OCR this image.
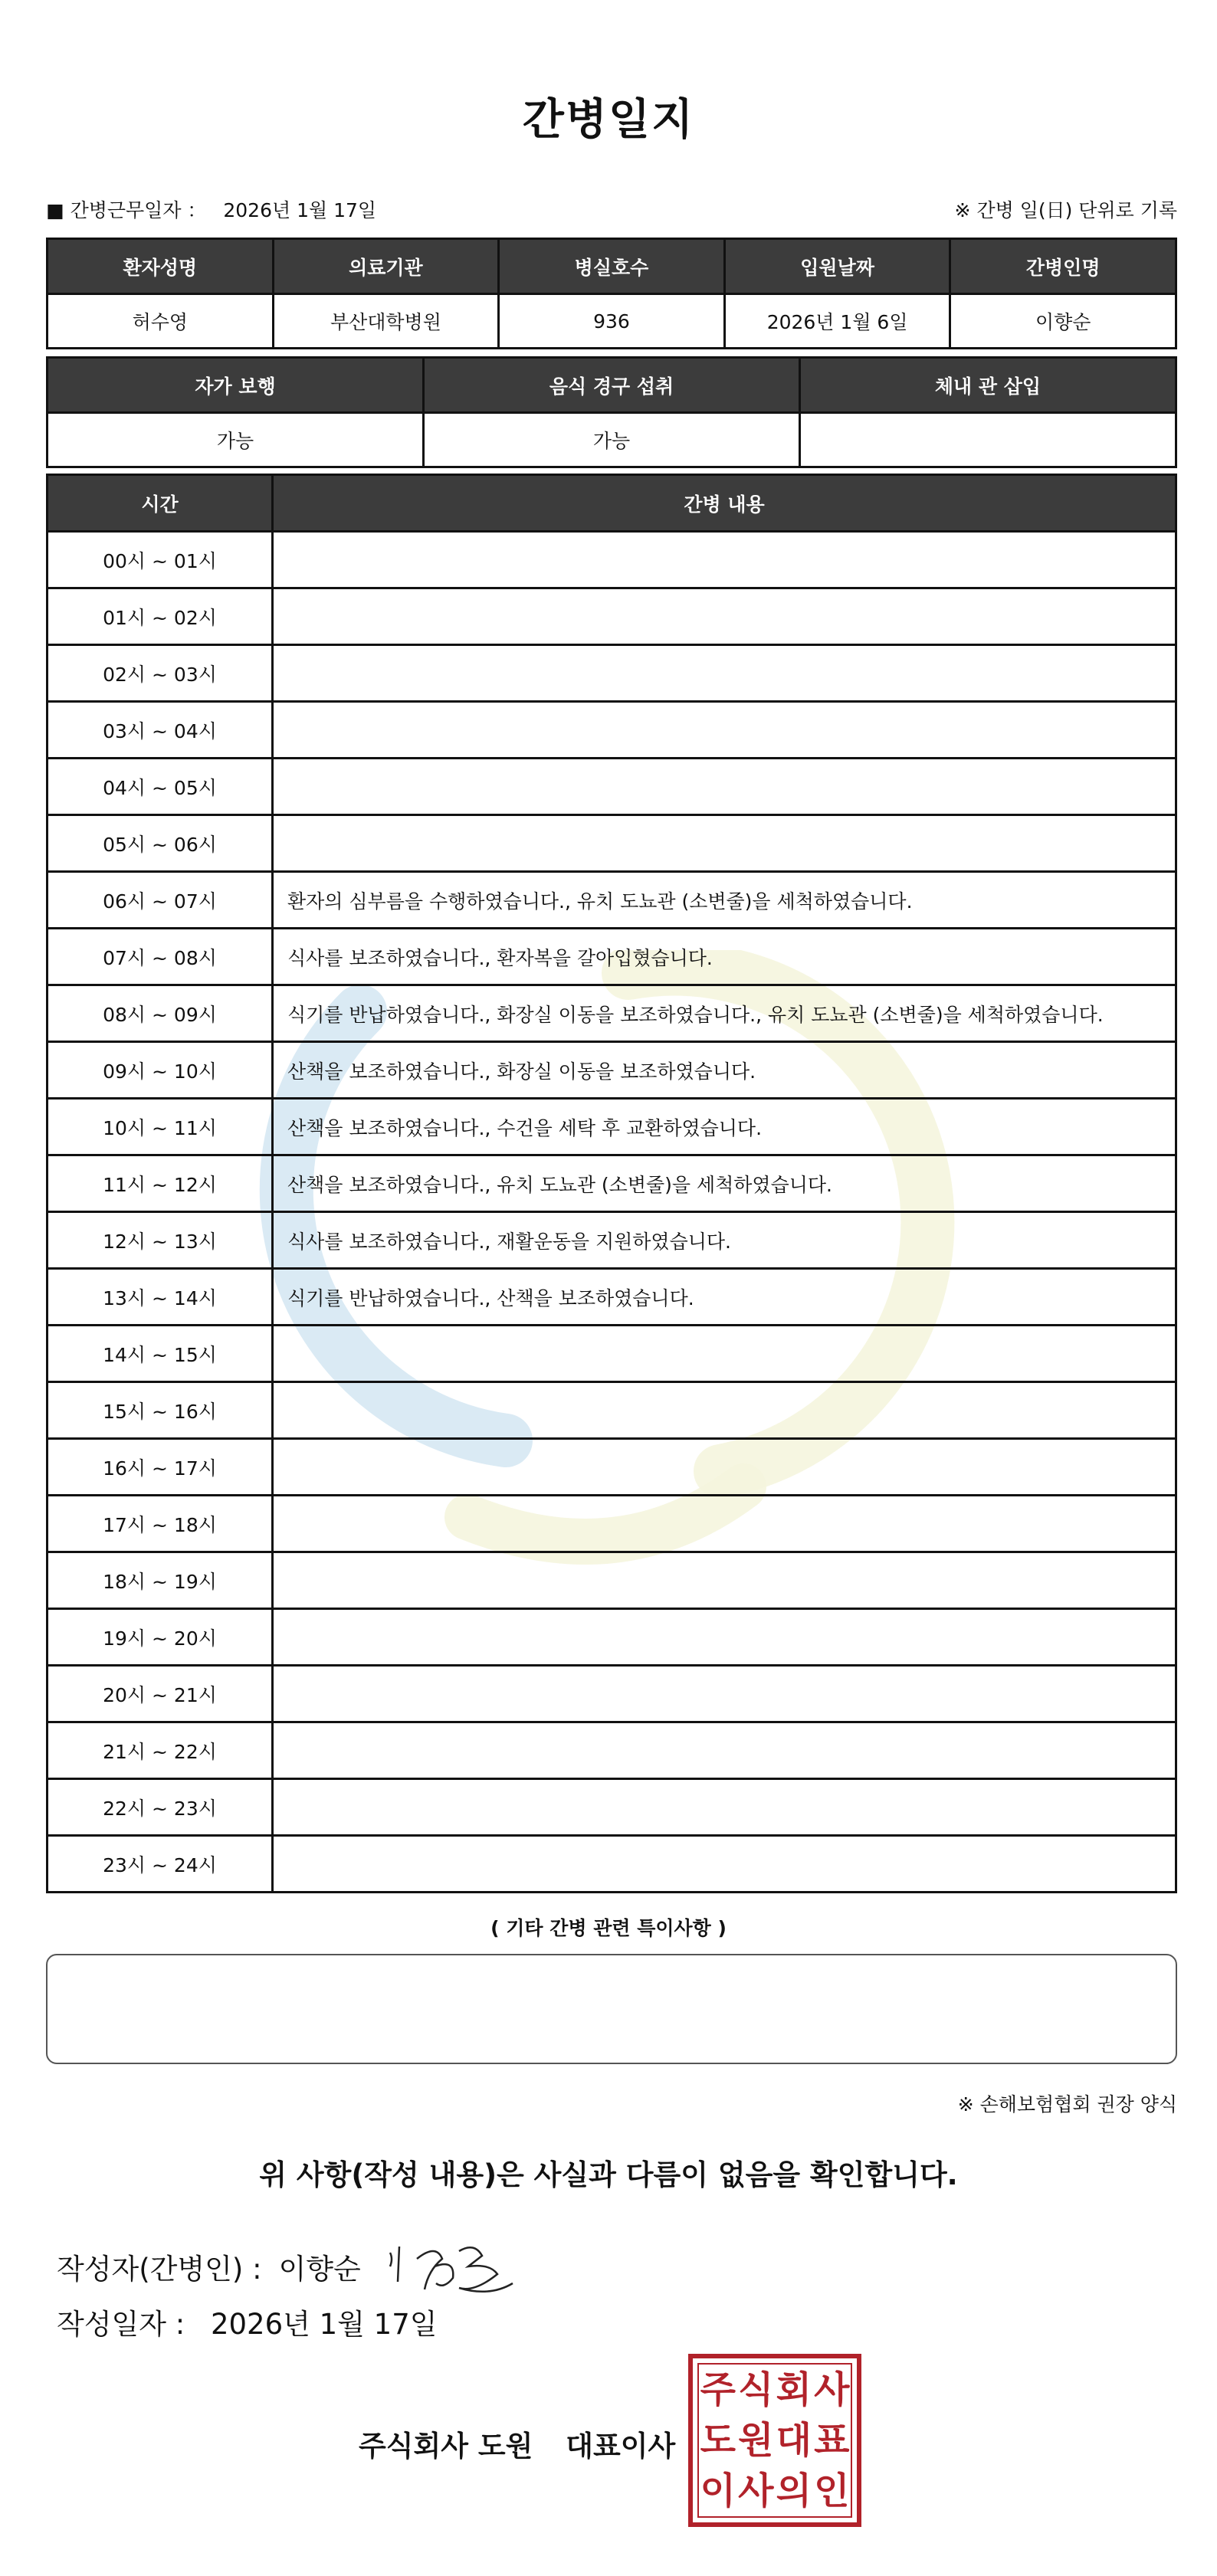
간병일지
■ 간병근무일자 ： 2026년 1월 17일	※ 간병 일(日) 단위로 기록
환자성명	의료기관	병실호수	입원날짜	간병인명
허수영	부산대학병원	936	2026년 1월 6일	이향순
자가 보행	음식 경구 섭취	체내 관 삽입
가능	가능	
시간	간병 내용
00시 ~ 01시	
01시 ~ 02시	
02시 ~ 03시	
03시 ~ 04시	
04시 ~ 05시	
05시 ~ 06시	
06시 ~ 07시	환자의 심부름을 수행하였습니다., 유치 도뇨관 (소변줄)을 세척하였습니다.
07시 ~ 08시	식사를 보조하였습니다., 환자복을 갈아입혔습니다.
08시 ~ 09시	식기를 반납하였습니다., 화장실 이동을 보조하였습니다., 유치 도뇨관 (소변줄)을 세척하였습니다.
09시 ~ 10시	산책을 보조하였습니다., 화장실 이동을 보조하였습니다.
10시 ~ 11시	산책을 보조하였습니다., 수건을 세탁 후 교환하였습니다.
11시 ~ 12시	산책을 보조하였습니다., 유치 도뇨관 (소변줄)을 세척하였습니다.
12시 ~ 13시	식사를 보조하였습니다., 재활운동을 지원하였습니다.
13시 ~ 14시	식기를 반납하였습니다., 산책을 보조하였습니다.
14시 ~ 15시	
15시 ~ 16시	
16시 ~ 17시	
17시 ~ 18시	
18시 ~ 19시	
19시 ~ 20시	
20시 ~ 21시	
21시 ~ 22시	
22시 ~ 23시	
23시 ~ 24시	
( 기타 간병 관련 특이사항 )
※ 손해보험협회 권장 양식
위 사항(작성 내용)은 사실과 다름이 없음을 확인합니다.
작성자(간병인) : 이향순
작성일자 : 2026년 1월 17일
주식회사 도원 대표이사
주 식 회 사
도 원 대 표
이 사 의 인
